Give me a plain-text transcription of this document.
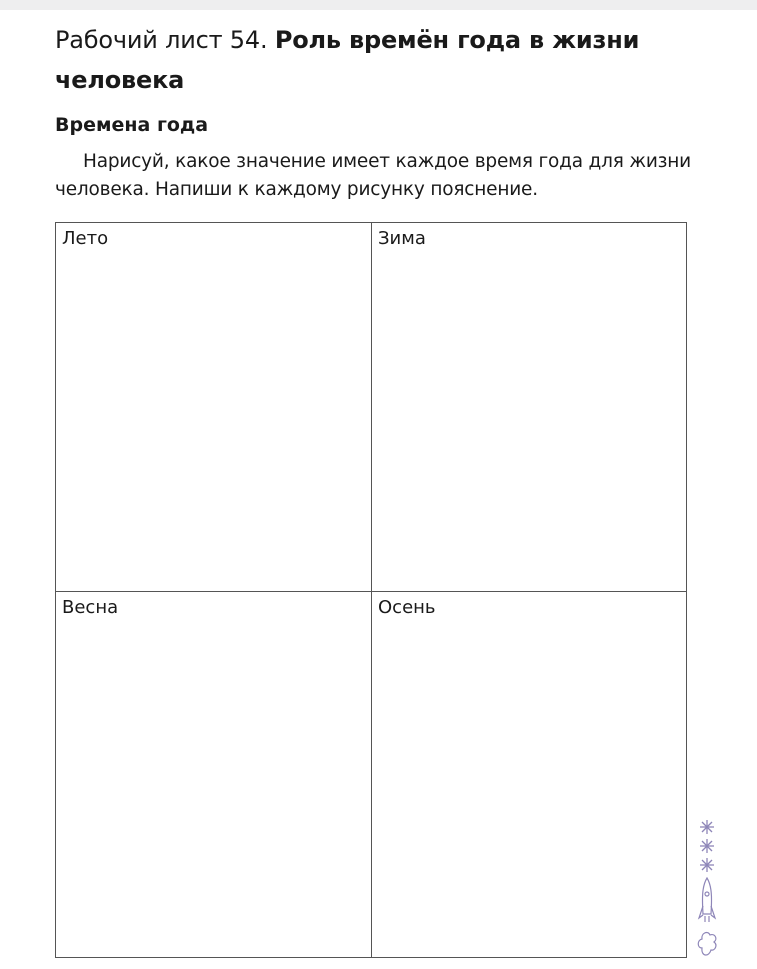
Рабочий лист 54. Роль времён года в жизни человека
Времена года

Нарисуй, какое значение имеет каждое время года для жизни человека. Напиши к каждому рисунку пояснение.

Лето	Зима
Весна	Осень
